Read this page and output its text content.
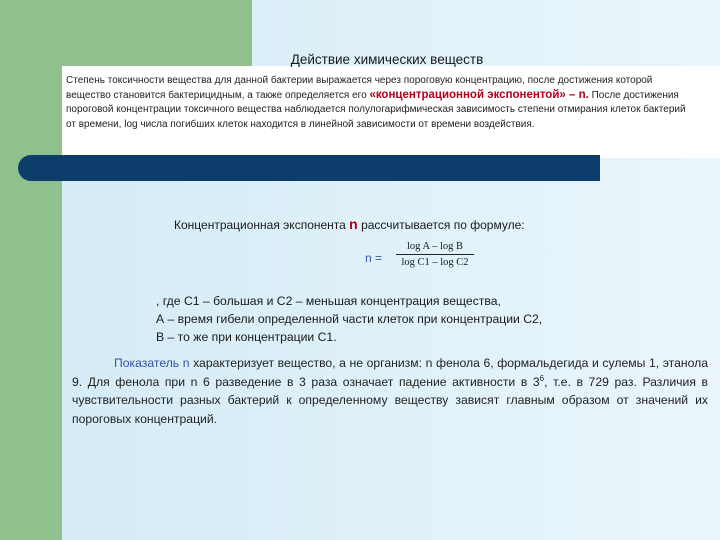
Действие химических веществ

Степень токсичности вещества для данной бактерии выражается через пороговую концентрацию, после достижения которой вещество становится бактерицидным, а также определяется его «концентрационной экспонентой» – n. После достижения пороговой концентрации токсичного вещества наблюдается полулогарифмическая зависимость степени отмирания клеток бактерий от времени, log числа погибших клеток находится в линейной зависимости от времени воздействия.

Концентрационная экспонента n рассчитывается по формуле:
n =
log A – log B
log C1 – log C2
, где С1 – большая и С2 – меньшая концентрация вещества,
А – время гибели определенной части клеток при концентрации С2,
В – то же при концентрации С1.

Показатель n характеризует вещество, а не организм: n фенола 6, формальдегида и сулемы 1, этанола 9. Для фенола при n 6 разведение в 3 раза означает падение активности в $3^6$, т.е. в 729 раз. Различия в чувствительности разных бактерий к определенному веществу зависят главным образом от значений их пороговых концентраций.
